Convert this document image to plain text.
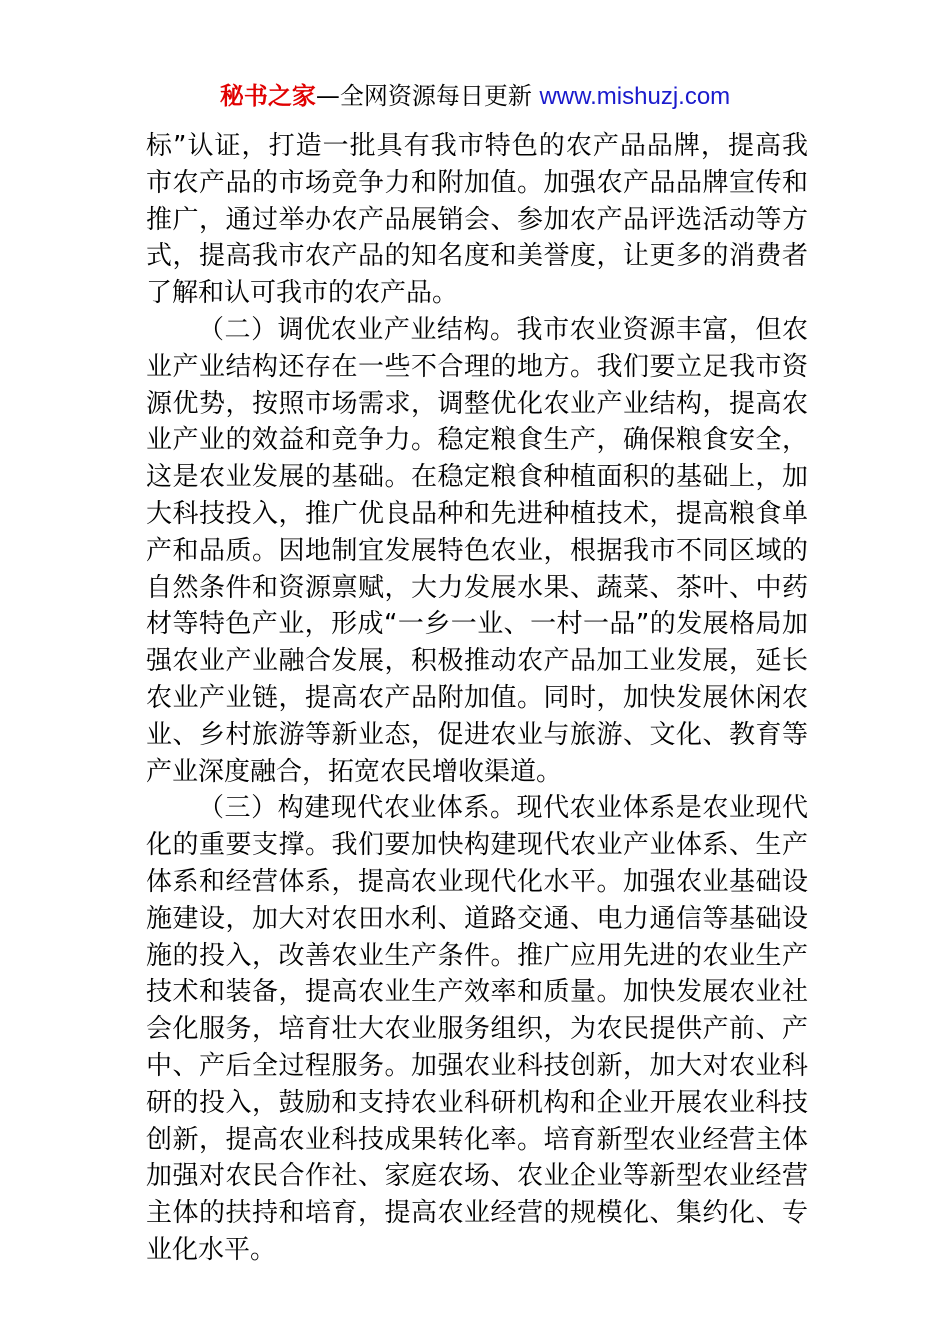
秘书之家—全网资源每日更新 www.mishuzj.com

标”认证，打造一批具有我市特色的农产品品牌，提高我市农产品的市场竞争力和附加值。加强农产品品牌宣传和推广，通过举办农产品展销会、参加农产品评选活动等方式，提高我市农产品的知名度和美誉度，让更多的消费者了解和认可我市的农产品。

（二）调优农业产业结构。我市农业资源丰富，但农业产业结构还存在一些不合理的地方。我们要立足我市资源优势，按照市场需求，调整优化农业产业结构，提高农业产业的效益和竞争力。稳定粮食生产，确保粮食安全，这是农业发展的基础。在稳定粮食种植面积的基础上，加大科技投入，推广优良品种和先进种植技术，提高粮食单产和品质。因地制宜发展特色农业，根据我市不同区域的自然条件和资源禀赋，大力发展水果、蔬菜、茶叶、中药材等特色产业，形成“一乡一业、一村一品”的发展格局加强农业产业融合发展，积极推动农产品加工业发展，延长农业产业链，提高农产品附加值。同时，加快发展休闲农业、乡村旅游等新业态，促进农业与旅游、文化、教育等产业深度融合，拓宽农民增收渠道。

（三）构建现代农业体系。现代农业体系是农业现代化的重要支撑。我们要加快构建现代农业产业体系、生产体系和经营体系，提高农业现代化水平。加强农业基础设施建设，加大对农田水利、道路交通、电力通信等基础设施的投入，改善农业生产条件。推广应用先进的农业生产技术和装备，提高农业生产效率和质量。加快发展农业社会化服务，培育壮大农业服务组织，为农民提供产前、产中、产后全过程服务。加强农业科技创新，加大对农业科研的投入，鼓励和支持农业科研机构和企业开展农业科技创新，提高农业科技成果转化率。培育新型农业经营主体加强对农民合作社、家庭农场、农业企业等新型农业经营主体的扶持和培育，提高农业经营的规模化、集约化、专业化水平。
